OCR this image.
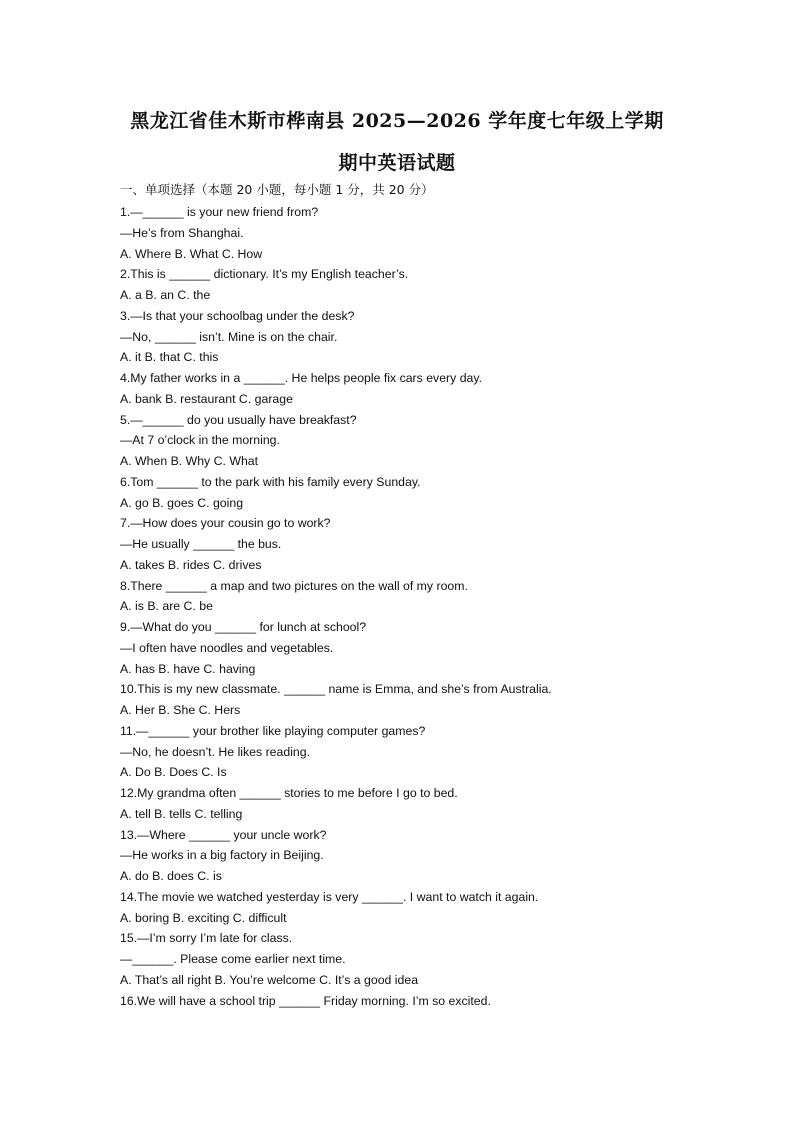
黑龙江省佳木斯市桦南县 2025—2026 学年度七年级上学期
期中英语试题
一、单项选择（本题 20 小题，每小题 1 分，共 20 分）
1.—______ is your new friend from?
—He’s from Shanghai.
A. Where B. What C. How
2.This is ______ dictionary. It’s my English teacher’s.
A. a B. an C. the
3.—Is that your schoolbag under the desk?
—No, ______ isn’t. Mine is on the chair.
A. it B. that C. this
4.My father works in a ______. He helps people fix cars every day.
A. bank B. restaurant C. garage
5.—______ do you usually have breakfast?
—At 7 o’clock in the morning.
A. When B. Why C. What
6.Tom ______ to the park with his family every Sunday.
A. go B. goes C. going
7.—How does your cousin go to work?
—He usually ______ the bus.
A. takes B. rides C. drives
8.There ______ a map and two pictures on the wall of my room.
A. is B. are C. be
9.—What do you ______ for lunch at school?
—I often have noodles and vegetables.
A. has B. have C. having
10.This is my new classmate. ______ name is Emma, and she’s from Australia.
A. Her B. She C. Hers
11.—______ your brother like playing computer games?
—No, he doesn’t. He likes reading.
A. Do B. Does C. Is
12.My grandma often ______ stories to me before I go to bed.
A. tell B. tells C. telling
13.—Where ______ your uncle work?
—He works in a big factory in Beijing.
A. do B. does C. is
14.The movie we watched yesterday is very ______. I want to watch it again.
A. boring B. exciting C. difficult
15.—I’m sorry I’m late for class.
—______. Please come earlier next time.
A. That’s all right B. You’re welcome C. It’s a good idea
16.We will have a school trip ______ Friday morning. I’m so excited.
